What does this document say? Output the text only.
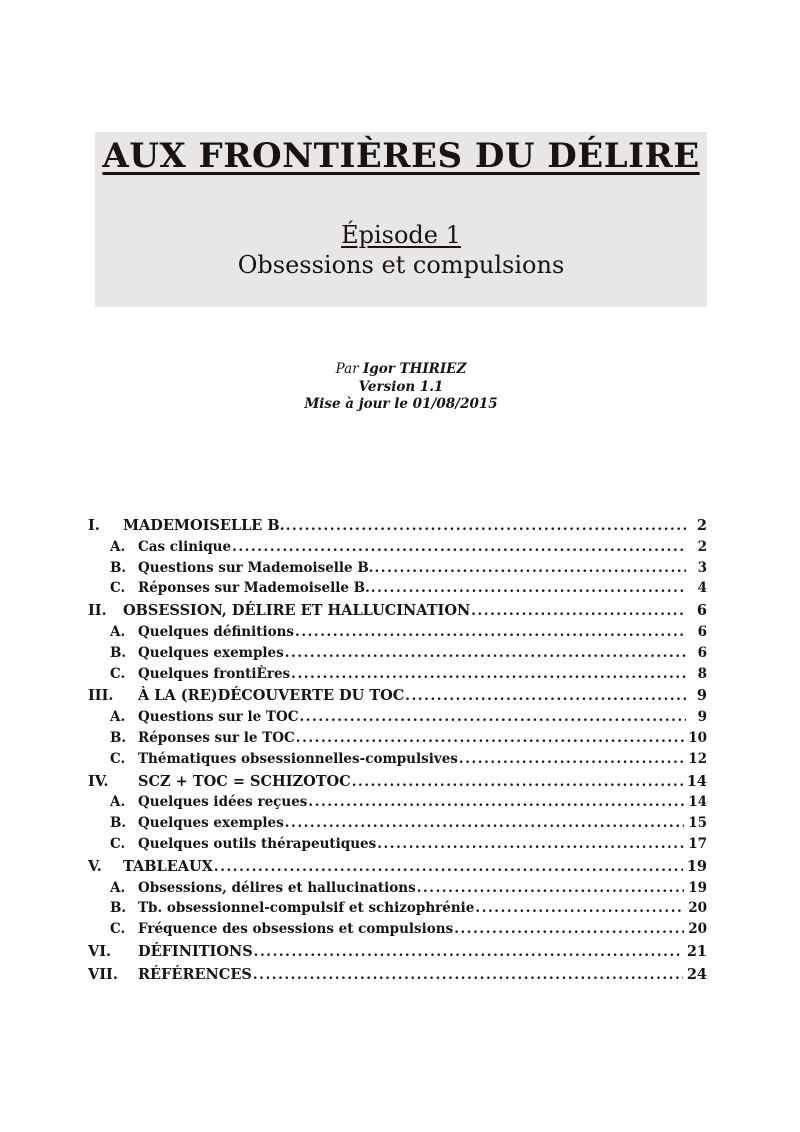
AUX FRONTIÈRES DU DÉLIRE
Épisode 1
Obsessions et compulsions
Par Igor THIRIEZ
Version 1.1
Mise à jour le 01/08/2015
I.	MADEMOISELLE B. .....	2
A. Cas clinique .....	2
B. Questions sur Mademoiselle B. .....	3
C. Réponses sur Mademoiselle B. .....	4
II.	OBSESSION, DÉLIRE ET HALLUCINATION .....	6
A. Quelques définitions .....	6
B. Quelques exemples .....	6
C. Quelques frontiÈres .....	8
III.	À LA (RE)DÉCOUVERTE DU TOC .....	9
A. Questions sur le TOC .....	9
B. Réponses sur le TOC .....	10
C. Thématiques obsessionnelles-compulsives .....	12
IV.	SCZ + TOC = SCHIZOTOC .....	14
A. Quelques idées reçues .....	14
B. Quelques exemples .....	15
C. Quelques outils thérapeutiques .....	17
V.	TABLEAUX .....	19
A. Obsessions, délires et hallucinations .....	19
B. Tb. obsessionnel-compulsif et schizophrénie .....	20
C. Fréquence des obsessions et compulsions .....	20
VI.	DÉFINITIONS .....	21
VII.	RÉFÉRENCES .....	24
